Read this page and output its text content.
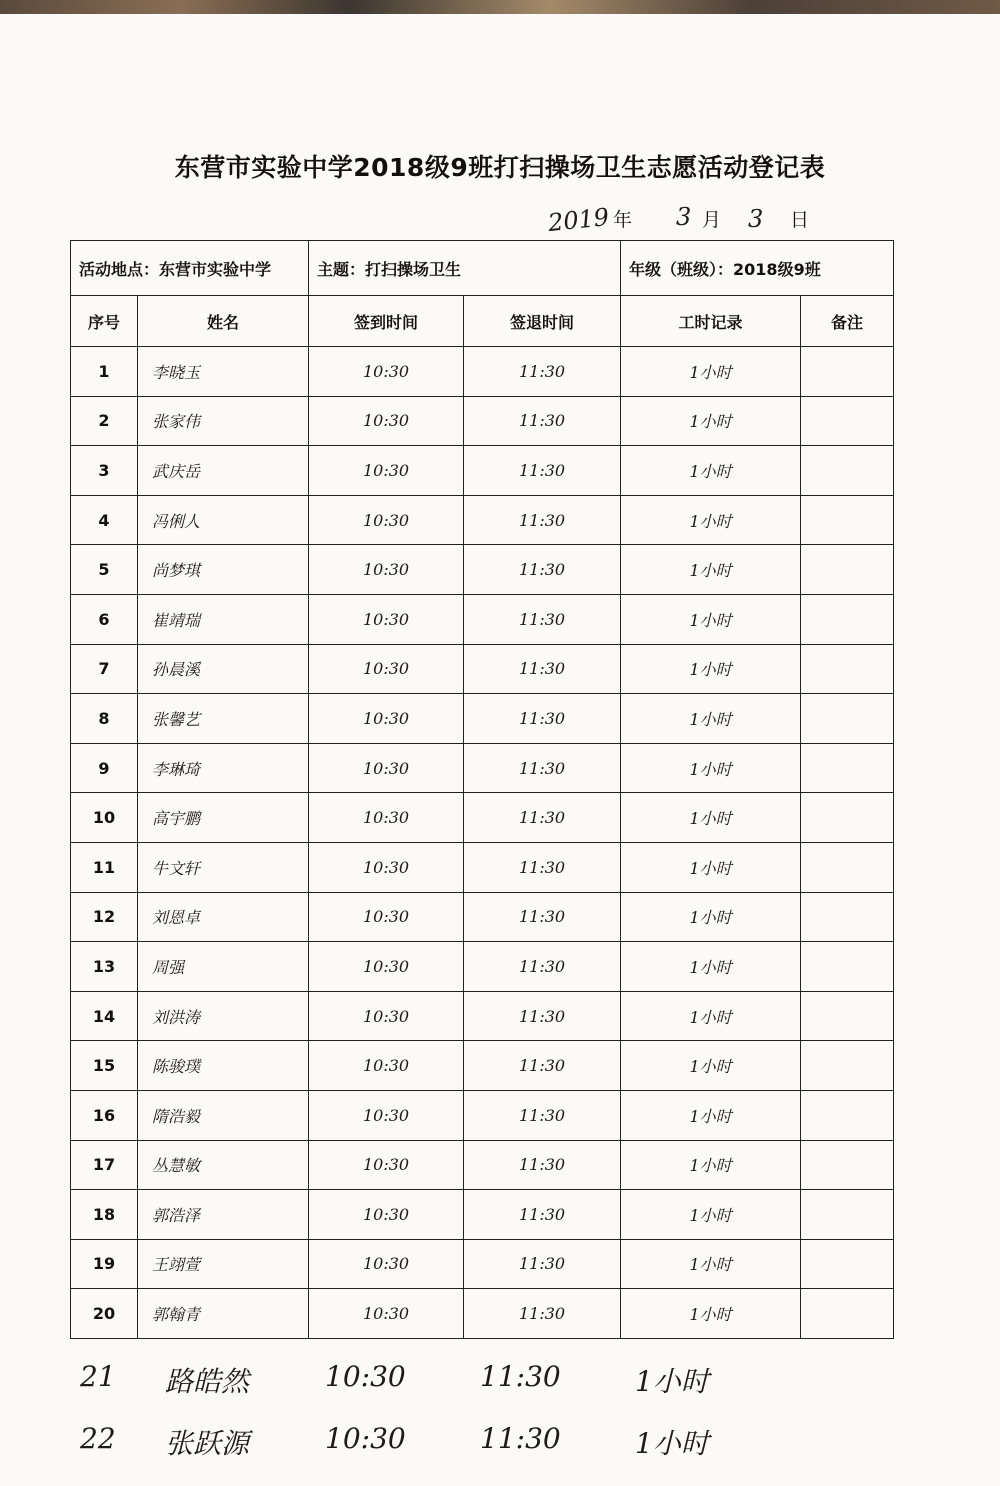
东营市实验中学2018级9班打扫操场卫生志愿活动登记表
2019 年 3 月 3 日
活动地点：东营市实验中学		主题：打扫操场卫生		年级（班级）：2018级9班	
序号	姓名	签到时间	签退时间	工时记录	备注
1	李晓玉	10:30	11:30	1小时	
2	张家伟	10:30	11:30	1小时	
3	武庆岳	10:30	11:30	1小时	
4	冯俐人	10:30	11:30	1小时	
5	尚梦琪	10:30	11:30	1小时	
6	崔靖瑞	10:30	11:30	1小时	
7	孙晨溪	10:30	11:30	1小时	
8	张馨艺	10:30	11:30	1小时	
9	李琳琦	10:30	11:30	1小时	
10	高宇鹏	10:30	11:30	1小时	
11	牛文轩	10:30	11:30	1小时	
12	刘恩卓	10:30	11:30	1小时	
13	周强	10:30	11:30	1小时	
14	刘洪涛	10:30	11:30	1小时	
15	陈骏璞	10:30	11:30	1小时	
16	隋浩毅	10:30	11:30	1小时	
17	丛慧敏	10:30	11:30	1小时	
18	郭浩泽	10:30	11:30	1小时	
19	王翊萱	10:30	11:30	1小时	
20	郭翰青	10:30	11:30	1小时	
21 路皓然	10:30	11:30	1小时
22 张跃源	10:30	11:30	1小时
